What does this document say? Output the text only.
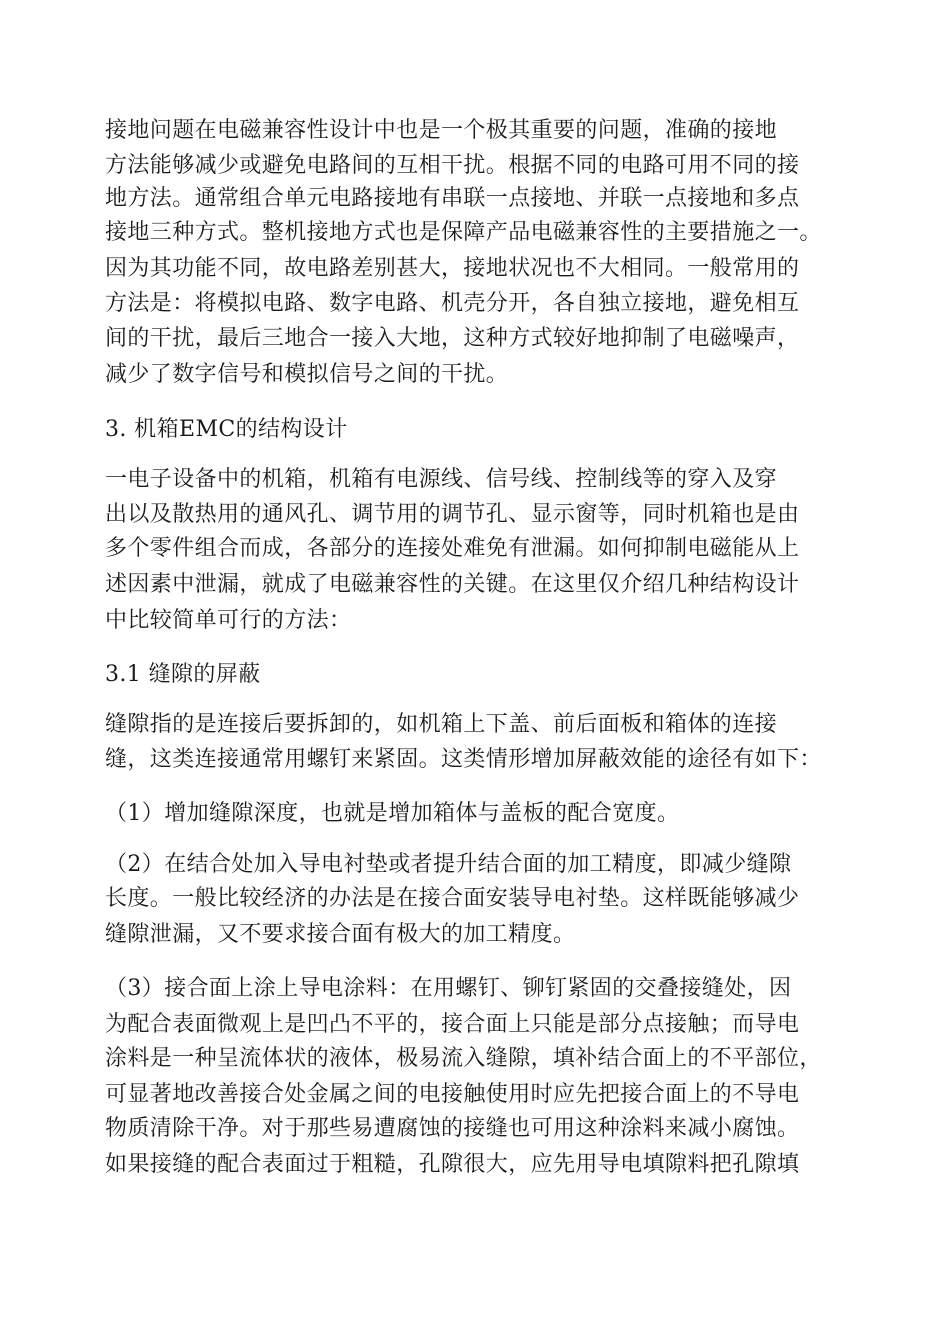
接地问题在电磁兼容性设计中也是一个极其重要的问题，准确的接地
方法能够减少或避免电路间的互相干扰。根据不同的电路可用不同的接
地方法。通常组合单元电路接地有串联一点接地、并联一点接地和多点
接地三种方式。整机接地方式也是保障产品电磁兼容性的主要措施之一。
因为其功能不同，故电路差别甚大，接地状况也不大相同。一般常用的
方法是：将模拟电路、数字电路、机壳分开，各自独立接地，避免相互
间的干扰，最后三地合一接入大地，这种方式较好地抑制了电磁噪声，
减少了数字信号和模拟信号之间的干扰。
3. 机箱EMC的结构设计
一电子设备中的机箱，机箱有电源线、信号线、控制线等的穿入及穿
出以及散热用的通风孔、调节用的调节孔、显示窗等，同时机箱也是由
多个零件组合而成，各部分的连接处难免有泄漏。如何抑制电磁能从上
述因素中泄漏，就成了电磁兼容性的关键。在这里仅介绍几种结构设计
中比较简单可行的方法：
3.1 缝隙的屏蔽
缝隙指的是连接后要拆卸的，如机箱上下盖、前后面板和箱体的连接
缝，这类连接通常用螺钉来紧固。这类情形增加屏蔽效能的途径有如下：
（1）增加缝隙深度，也就是增加箱体与盖板的配合宽度。
（2）在结合处加入导电衬垫或者提升结合面的加工精度，即减少缝隙
长度。一般比较经济的办法是在接合面安装导电衬垫。这样既能够减少
缝隙泄漏，又不要求接合面有极大的加工精度。
（3）接合面上涂上导电涂料：在用螺钉、铆钉紧固的交叠接缝处，因
为配合表面微观上是凹凸不平的，接合面上只能是部分点接触；而导电
涂料是一种呈流体状的液体，极易流入缝隙，填补结合面上的不平部位，
可显著地改善接合处金属之间的电接触使用时应先把接合面上的不导电
物质清除干净。对于那些易遭腐蚀的接缝也可用这种涂料来减小腐蚀。
如果接缝的配合表面过于粗糙，孔隙很大，应先用导电填隙料把孔隙填
